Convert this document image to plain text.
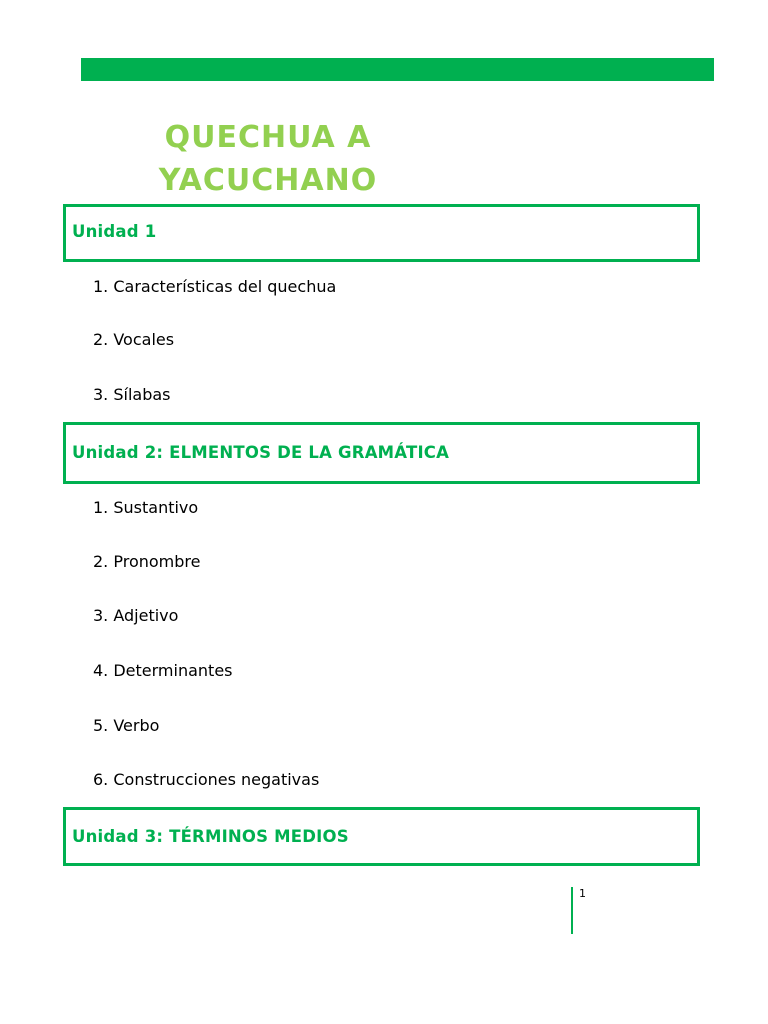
Unidad 1
QUECHUA AYACUCHANO
1. Características del quechua
2. Vocales
3. Sílabas
Unidad 2: ELMENTOS DE LA GRAMÁTICA
1. Sustantivo
2. Pronombre
3. Adjetivo
4. Determinantes
5. Verbo
6. Construcciones negativas
Unidad 3: TÉRMINOS MEDIOS
1
